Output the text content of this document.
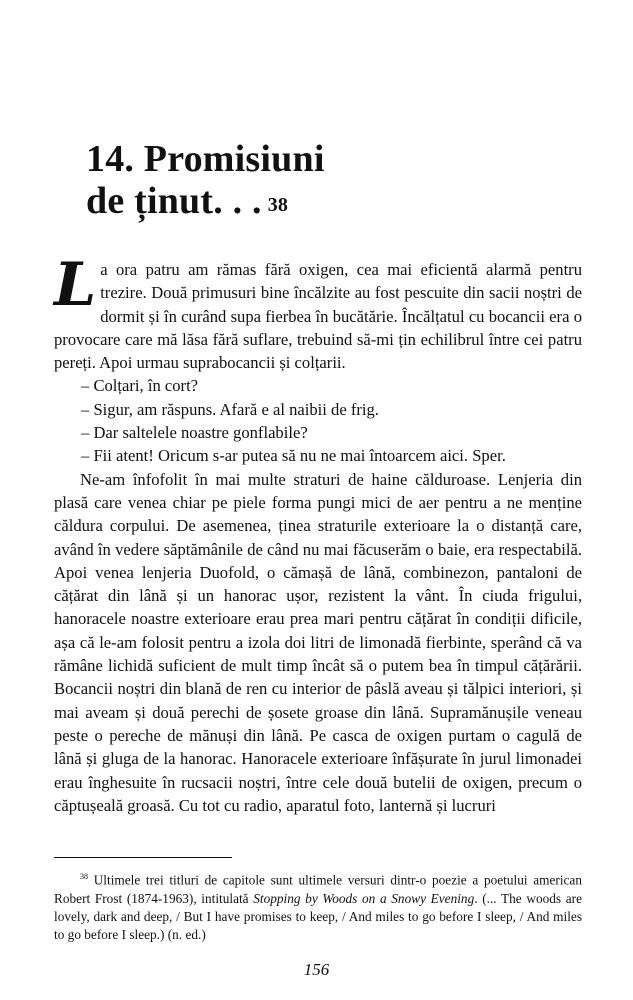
14. Promisiuni
de ținut. . . $^{38}$

La ora patru am rămas fără oxigen, cea mai eficientă alarmă pentru trezire. Două primusuri bine încălzite au fost pescuite din sacii noștri de dormit și în curând supa fierbea în bucătărie. Încălțatul cu bocancii era o provocare care mă lăsa fără suflare, trebuind să-mi țin echilibrul între cei patru pereți. Apoi urmau suprabocancii și colțarii.

– Colțari, în cort?

– Sigur, am răspuns. Afară e al naibii de frig.

– Dar saltelele noastre gonflabile?

– Fii atent! Oricum s-ar putea să nu ne mai întoarcem aici. Sper.

Ne-am înfofolit în mai multe straturi de haine călduroase. Lenjeria din plasă care venea chiar pe piele forma pungi mici de aer pentru a ne menține căldura corpului. De asemenea, ținea straturile exterioare la o distanță care, având în vedere săptămânile de când nu mai făcuserăm o baie, era respectabilă. Apoi venea lenjeria Duofold, o cămașă de lână, combinezon, pantaloni de cățărat din lână și un hanorac ușor, rezistent la vânt. În ciuda frigului, hanoracele noastre exterioare erau prea mari pentru cățărat în condiții dificile, așa că le-am folosit pentru a izola doi litri de limonadă fierbinte, sperând că va rămâne lichidă suficient de mult timp încât să o putem bea în timpul cățărării. Bocancii noștri din blană de ren cu interior de pâslă aveau și tălpici interiori, și mai aveam și două perechi de șosete groase din lână. Supramănușile veneau peste o pereche de mănuși din lână. Pe casca de oxigen purtam o cagulă de lână și gluga de la hanorac. Hanoracele exterioare înfășurate în jurul limonadei erau înghesuite în rucsacii noștri, între cele două butelii de oxigen, precum o căptușeală groasă. Cu tot cu radio, aparatul foto, lanternă și lucruri

$^{38}$ Ultimele trei titluri de capitole sunt ultimele versuri dintr-o poezie a poetului american Robert Frost (1874-1963), intitulată Stopping by Woods on a Snowy Evening. (... The woods are lovely, dark and deep, / But I have promises to keep, / And miles to go before I sleep, / And miles to go before I sleep.) (n. ed.)

156
